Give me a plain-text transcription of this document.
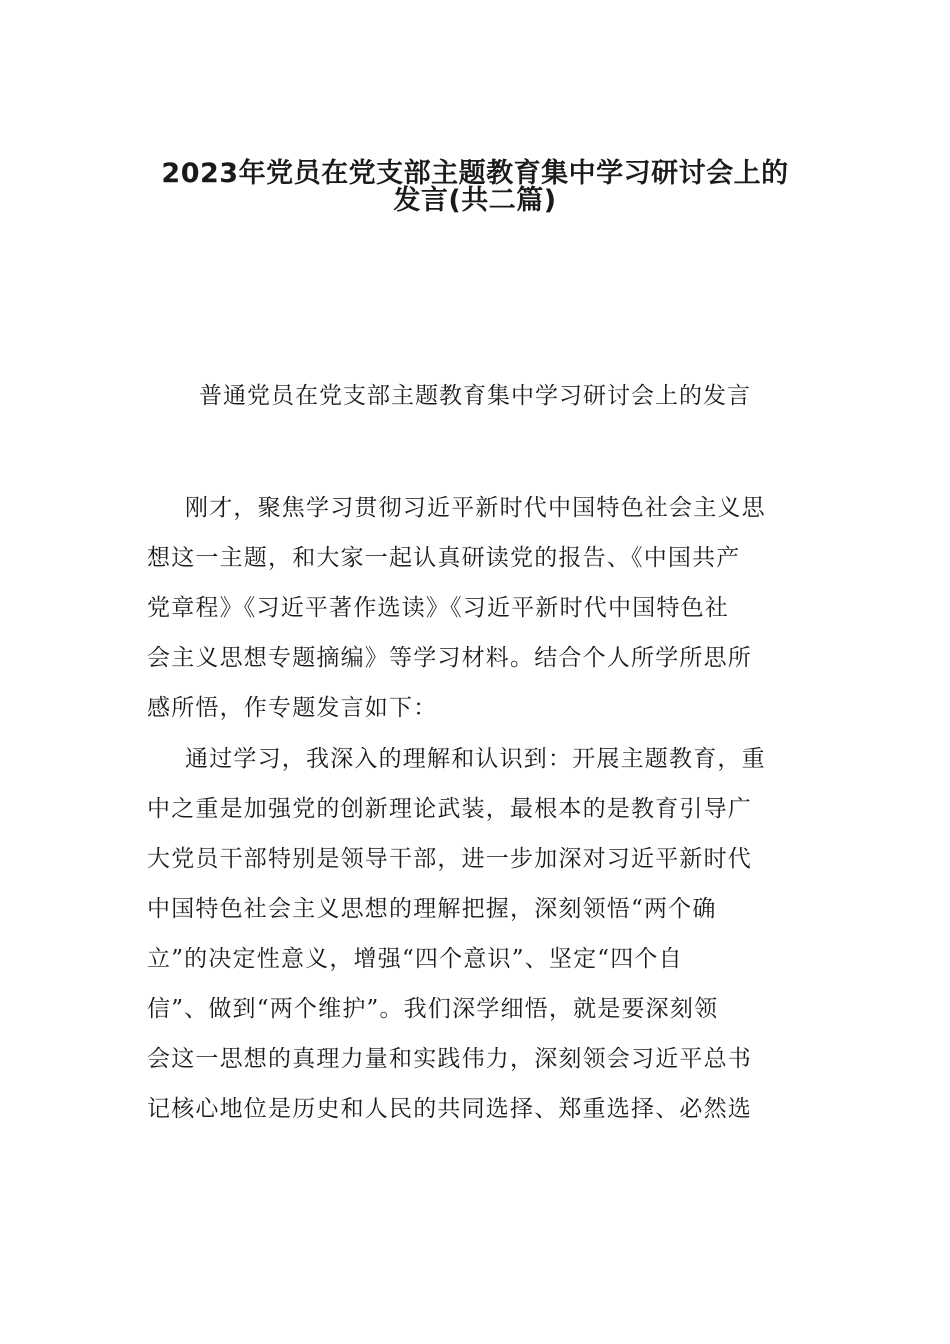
2023年党员在党支部主题教育集中学习研讨会上的
发言(共二篇)

普通党员在党支部主题教育集中学习研讨会上的发言

刚才，聚焦学习贯彻习近平新时代中国特色社会主义思

想这一主题，和大家一起认真研读党的报告、《中国共产

党章程》《习近平著作选读》《习近平新时代中国特色社

会主义思想专题摘编》等学习材料。结合个人所学所思所

感所悟，作专题发言如下：

通过学习，我深入的理解和认识到：开展主题教育，重

中之重是加强党的创新理论武装，最根本的是教育引导广

大党员干部特别是领导干部，进一步加深对习近平新时代

中国特色社会主义思想的理解把握，深刻领悟“两个确

立”的决定性意义，增强“四个意识”、坚定“四个自

信”、做到“两个维护”。我们深学细悟，就是要深刻领

会这一思想的真理力量和实践伟力，深刻领会习近平总书

记核心地位是历史和人民的共同选择、郑重选择、必然选
